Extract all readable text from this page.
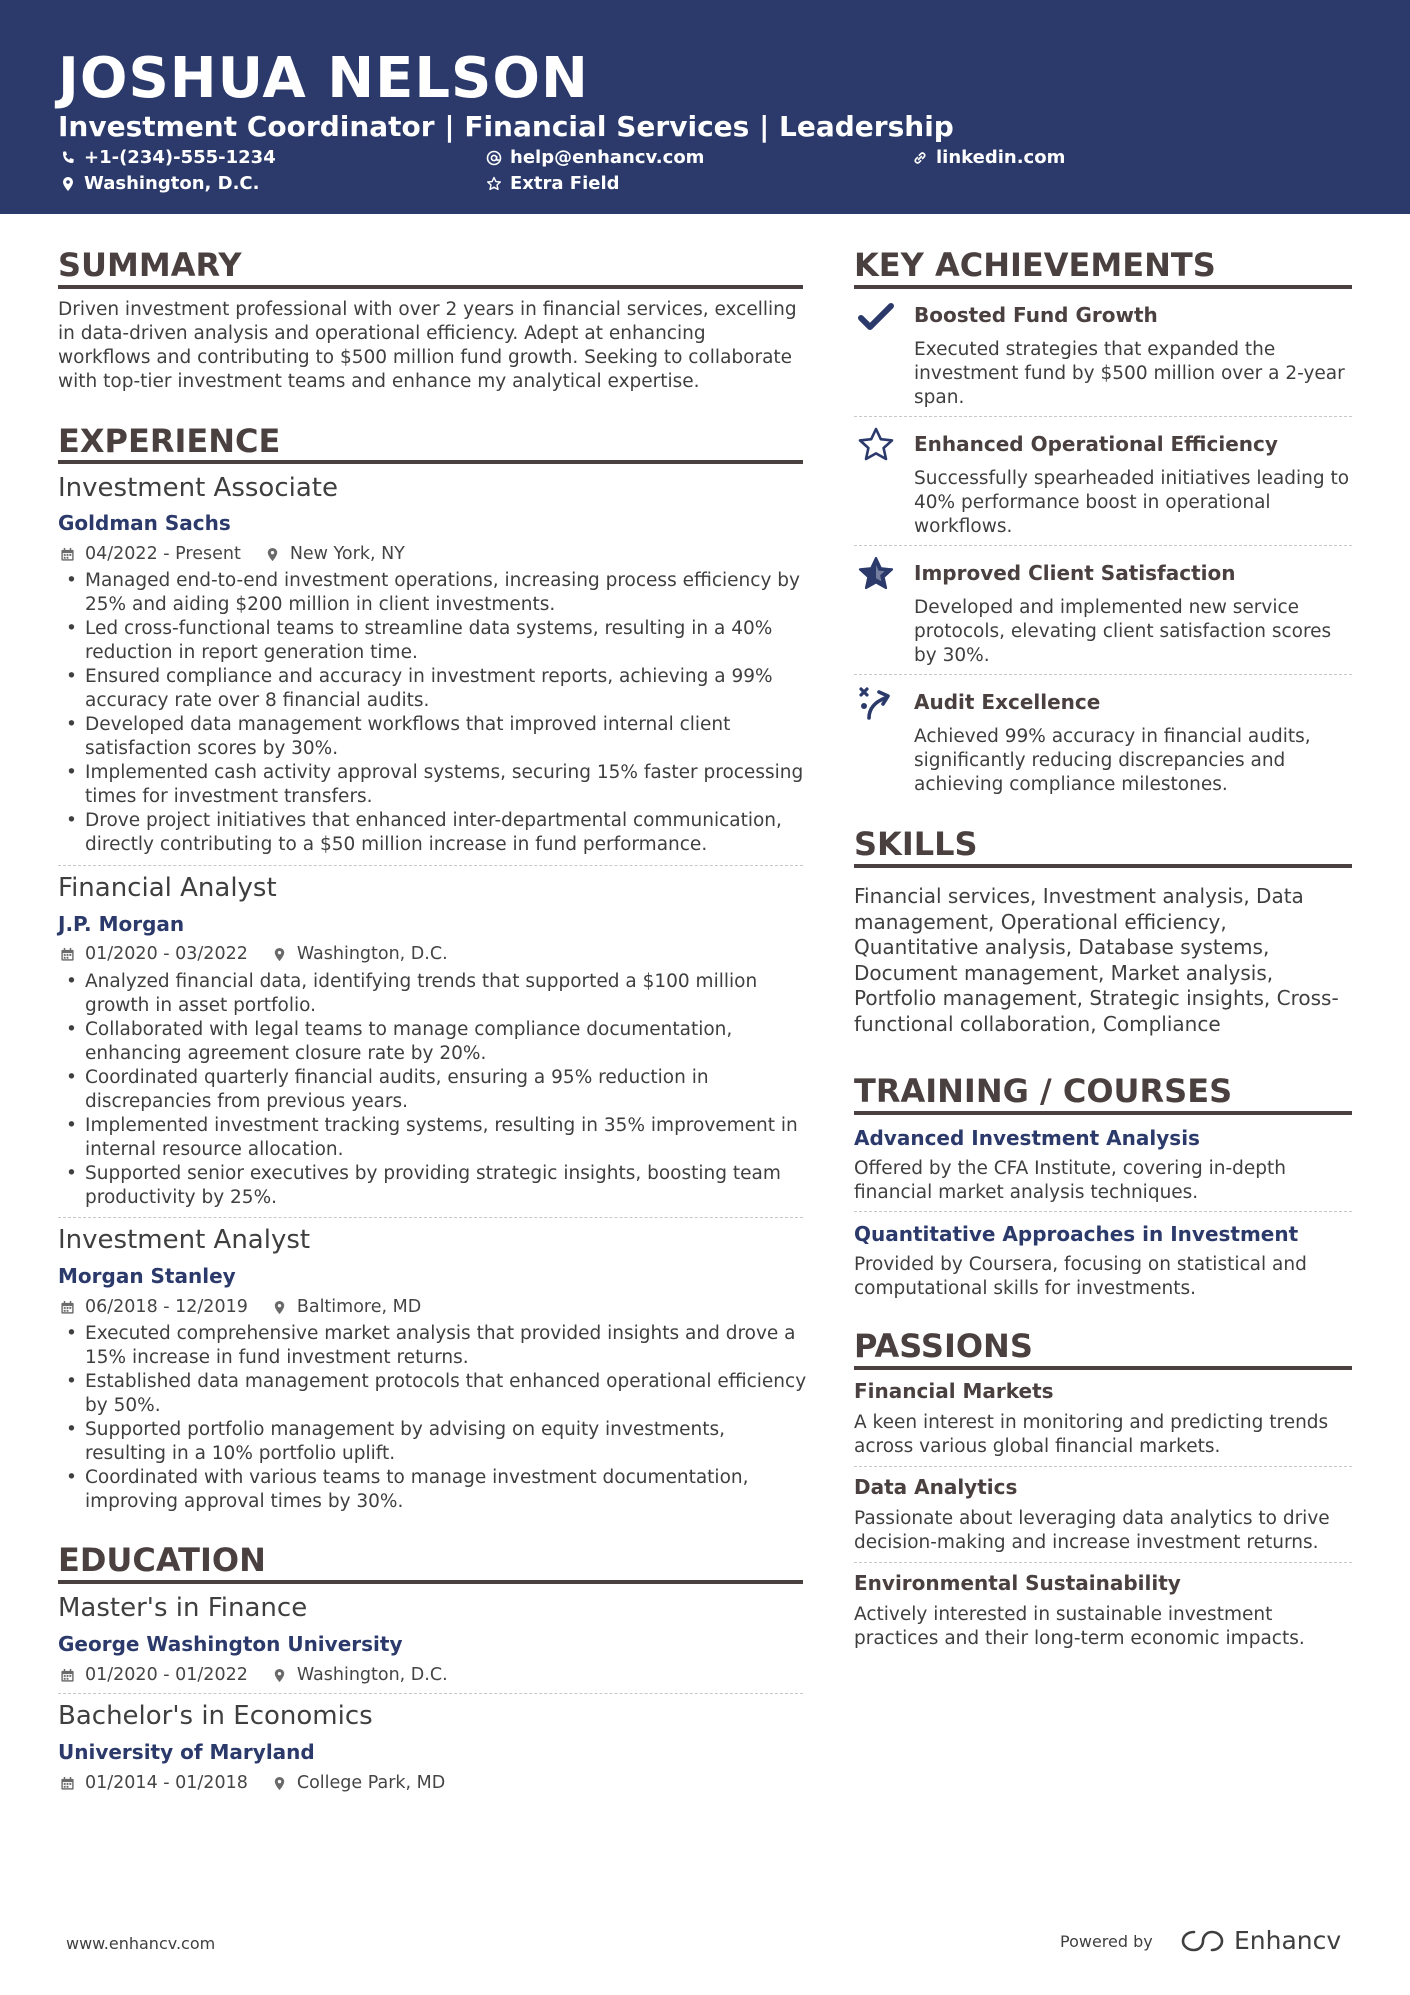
JOSHUA NELSON
Investment Coordinator | Financial Services | Leadership
+1-(234)-555-1234	help@enhancv.com	linkedin.com
Washington, D.C.	Extra Field
SUMMARY
Driven investment professional with over 2 years in financial services, excelling in data-driven analysis and operational efficiency. Adept at enhancing workflows and contributing to $500 million fund growth. Seeking to collaborate with top-tier investment teams and enhance my analytical expertise.
EXPERIENCE
Investment Associate
Goldman Sachs
04/2022 - Present	New York, NY
• Managed end-to-end investment operations, increasing process efficiency by 25% and aiding $200 million in client investments.
• Led cross-functional teams to streamline data systems, resulting in a 40% reduction in report generation time.
• Ensured compliance and accuracy in investment reports, achieving a 99% accuracy rate over 8 financial audits.
• Developed data management workflows that improved internal client satisfaction scores by 30%.
• Implemented cash activity approval systems, securing 15% faster processing times for investment transfers.
• Drove project initiatives that enhanced inter-departmental communication, directly contributing to a $50 million increase in fund performance.
Financial Analyst
J.P. Morgan
01/2020 - 03/2022	Washington, D.C.
• Analyzed financial data, identifying trends that supported a $100 million growth in asset portfolio.
• Collaborated with legal teams to manage compliance documentation, enhancing agreement closure rate by 20%.
• Coordinated quarterly financial audits, ensuring a 95% reduction in discrepancies from previous years.
• Implemented investment tracking systems, resulting in 35% improvement in internal resource allocation.
• Supported senior executives by providing strategic insights, boosting team productivity by 25%.
Investment Analyst
Morgan Stanley
06/2018 - 12/2019	Baltimore, MD
• Executed comprehensive market analysis that provided insights and drove a 15% increase in fund investment returns.
• Established data management protocols that enhanced operational efficiency by 50%.
• Supported portfolio management by advising on equity investments, resulting in a 10% portfolio uplift.
• Coordinated with various teams to manage investment documentation, improving approval times by 30%.
EDUCATION
Master's in Finance
George Washington University
01/2020 - 01/2022	Washington, D.C.
Bachelor's in Economics
University of Maryland
01/2014 - 01/2018	College Park, MD
KEY ACHIEVEMENTS
Boosted Fund Growth
Executed strategies that expanded the investment fund by $500 million over a 2-year span.
Enhanced Operational Efficiency
Successfully spearheaded initiatives leading to 40% performance boost in operational workflows.
Improved Client Satisfaction
Developed and implemented new service protocols, elevating client satisfaction scores by 30%.
Audit Excellence
Achieved 99% accuracy in financial audits, significantly reducing discrepancies and achieving compliance milestones.
SKILLS
Financial services, Investment analysis, Data management, Operational efficiency, Quantitative analysis, Database systems, Document management, Market analysis, Portfolio management, Strategic insights, Cross-functional collaboration, Compliance
TRAINING / COURSES
Advanced Investment Analysis
Offered by the CFA Institute, covering in-depth financial market analysis techniques.
Quantitative Approaches in Investment
Provided by Coursera, focusing on statistical and computational skills for investments.
PASSIONS
Financial Markets
A keen interest in monitoring and predicting trends across various global financial markets.
Data Analytics
Passionate about leveraging data analytics to drive decision-making and increase investment returns.
Environmental Sustainability
Actively interested in sustainable investment practices and their long-term economic impacts.
www.enhancv.com	Powered by	Enhancv
